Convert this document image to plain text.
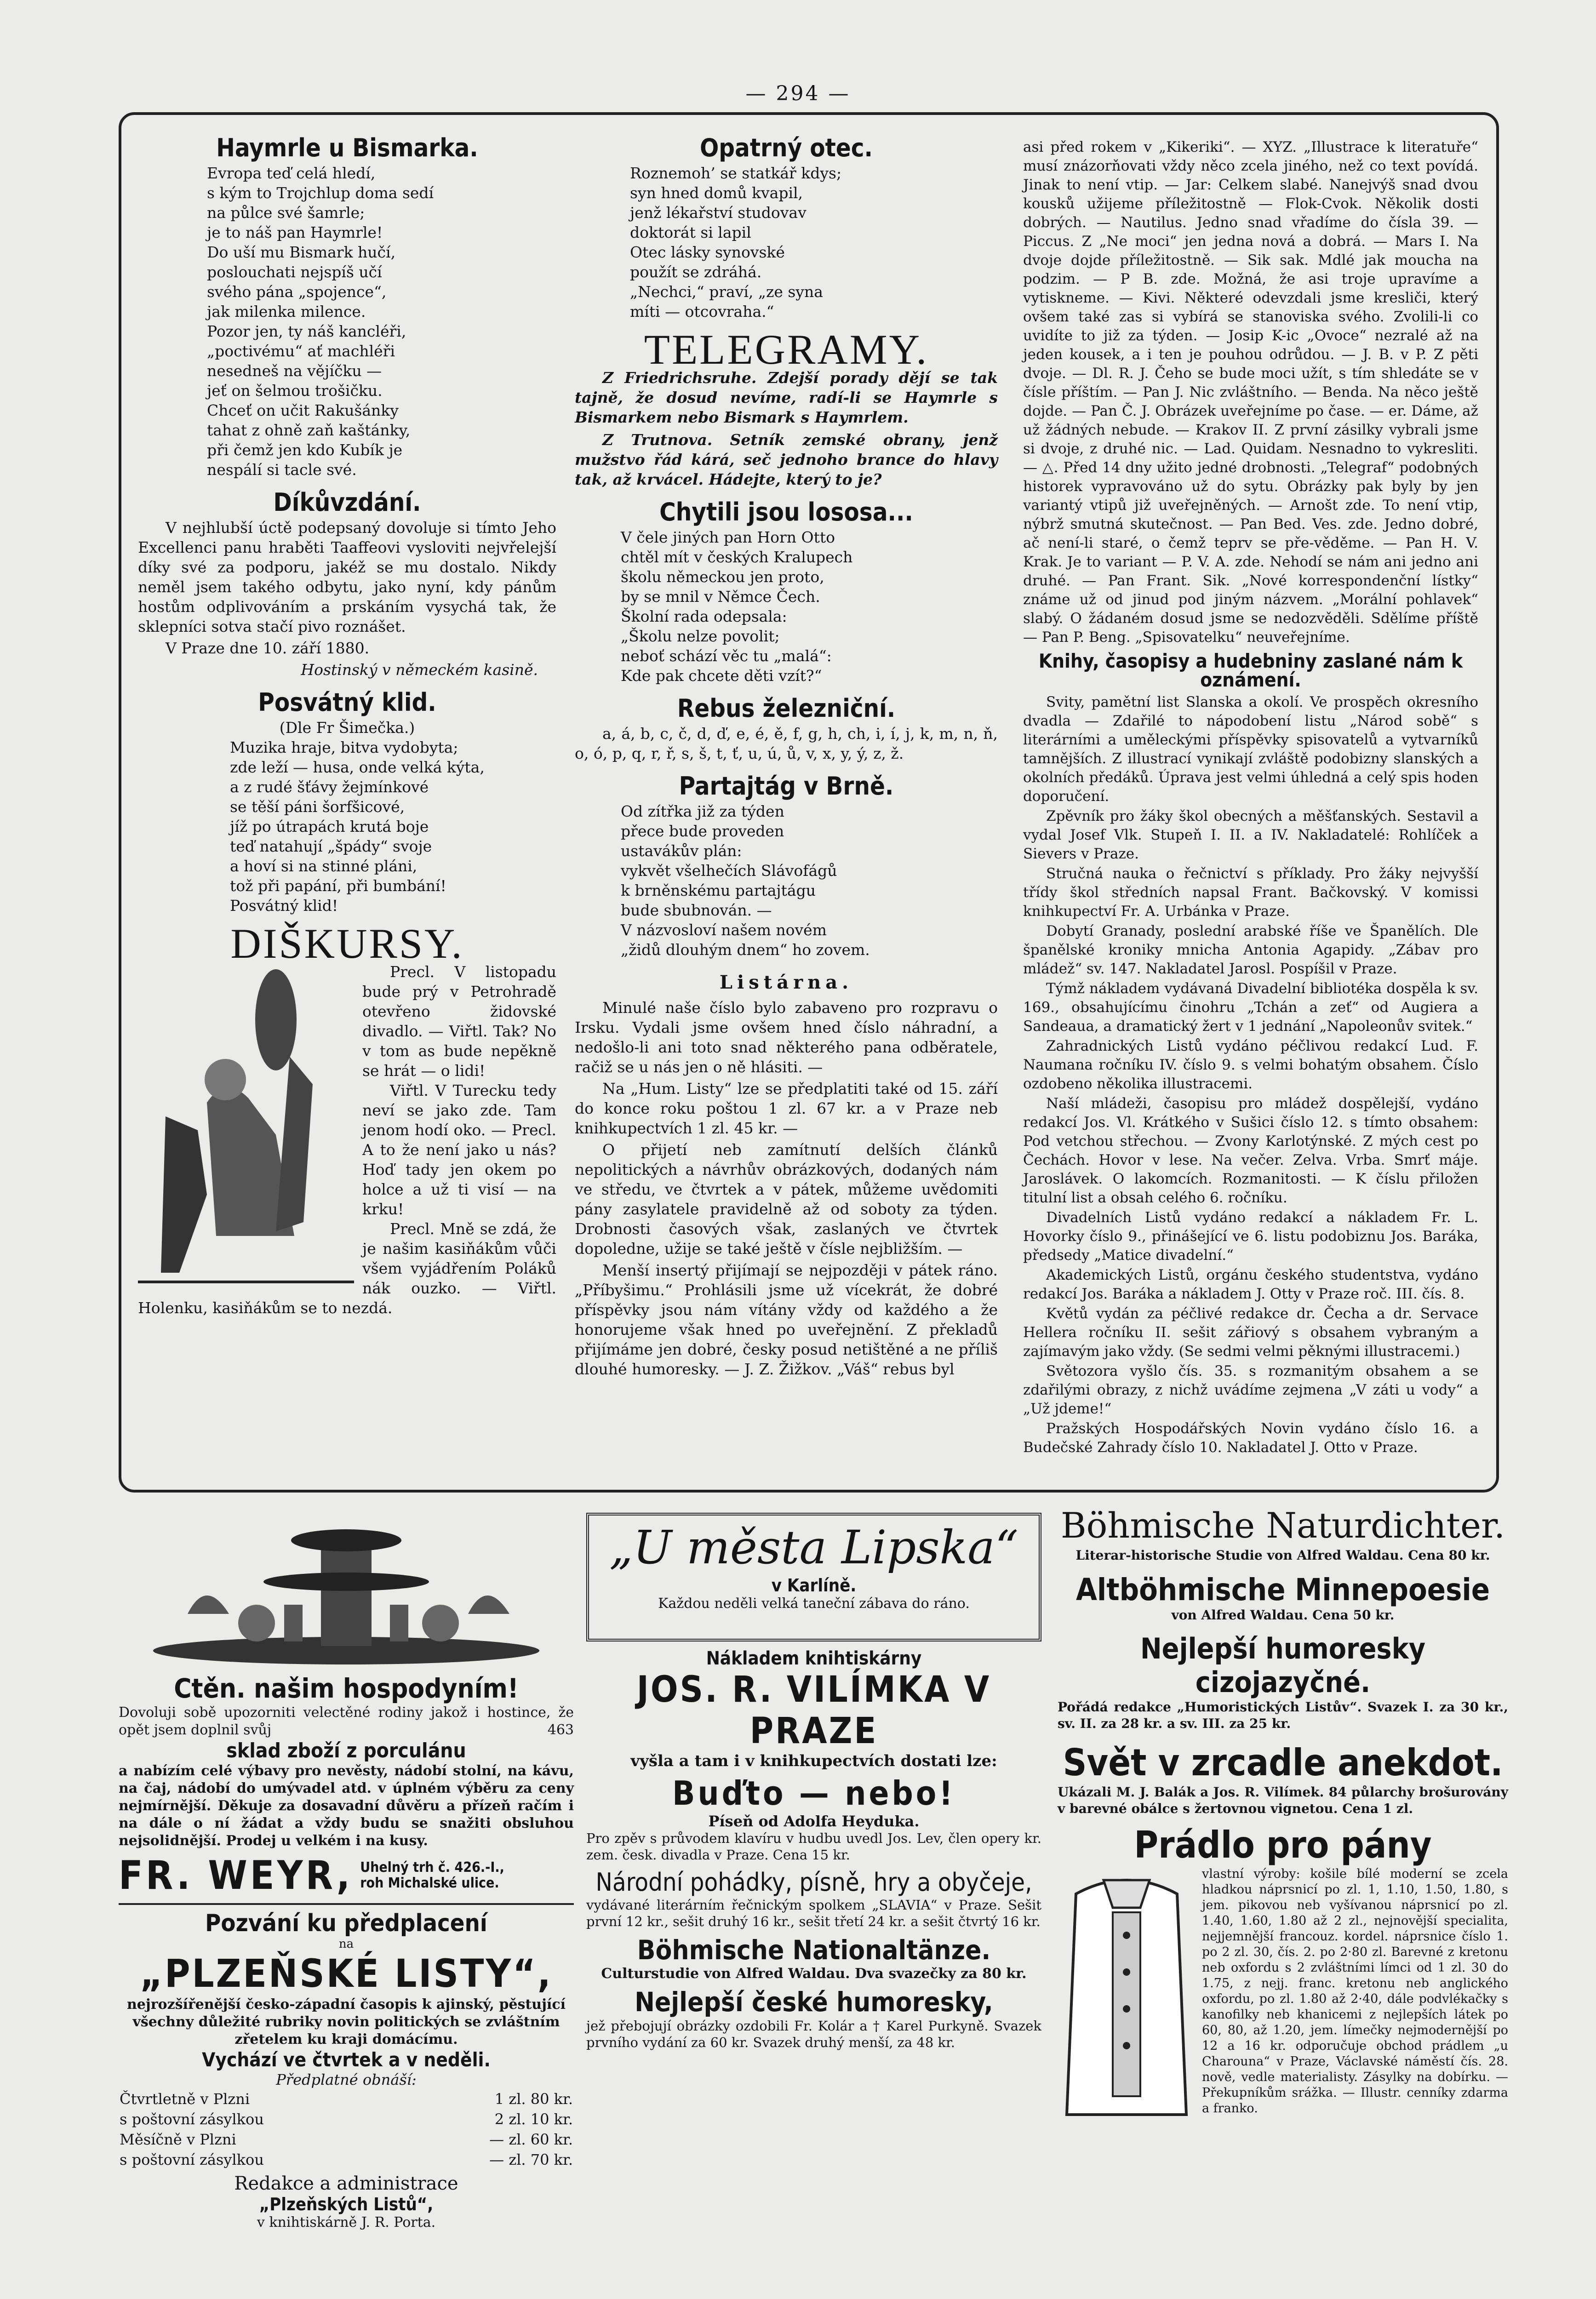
— 294 —
Haymrle u Bismarka.
Evropa teď celá hledí,
s kým to Trojchlup doma sedí
na půlce své šamrle;
je to náš pan Haymrle!
Do uší mu Bismark hučí,
poslouchati nejspíš učí
svého pána „spojence“,
jak milenka milence.
Pozor jen, ty náš kancléři,
„poctivému“ ať machléři
nesedneš na vějíčku —
jeť on šelmou trošičku.
Chceť on učit Rakušánky
tahat z ohně zaň kaštánky,
při čemž jen kdo Kubík je
nespálí si tacle své.
Díkůvzdání.

V nejhlubší úctě podepsaný dovoluje si tímto Jeho Excellenci panu hraběti Taaffeovi vysloviti nejvřelejší díky své za podporu, jakéž se mu dostalo. Nikdy neměl jsem takého odbytu, jako nyní, kdy pánům hostům odplivováním a prskáním vysychá tak, že sklepníci sotva stačí pivo roznášet.

V Praze dne 10. září 1880.

Hostinský v německém kasině.
Posvátný klid.
(Dle Fr Šimečka.)
Muzika hraje, bitva vydobyta;
zde leží — husa, onde velká kýta,
a z rudé šťávy žejmínkové
se těší páni šorfšicové,
jíž po útrapách krutá boje
teď natahují „špády“ svoje
a hoví si na stinné pláni,
tož při papání, při bumbání!
Posvátný klid!
DIŠKURSY.

Precl. V listopadu bude prý v Petrohradě otevřeno židovské divadlo. — Viřtl. Tak? No v tom as bude nepěkně se hrát — o lidi!

Viřtl. V Turecku tedy neví se jako zde. Tam jenom hodí oko. — Precl. A to že není jako u nás? Hoď tady jen okem po holce a už ti visí — na krku!

Precl. Mně se zdá, že je našim kasiňákům vůči všem vyjádřením Poláků nák ouzko. — Viřtl. Holenku, kasiňákům se to nezdá.

Opatrný otec.
Roznemoh’ se statkář kdys;
syn hned domů kvapil,
jenž lékařství studovav
doktorát si lapil
Otec lásky synovské
použít se zdráhá.
„Nechci,“ praví, „ze syna
míti — otcovraha.“
TELEGRAMY.

Z Friedrichsruhe. Zdejší porady dějí se tak tajně, že dosud nevíme, radí-li se Haymrle s Bismarkem nebo Bismark s Haymrlem.

Z Trutnova. Setník zemské obrany, jenž mužstvo řád kárá, seč jednoho brance do hlavy tak, až krvácel. Hádejte, který to je?

Chytili jsou lososa...
V čele jiných pan Horn Otto
chtěl mít v českých Kralupech
školu německou jen proto,
by se mnil v Němce Čech.
Školní rada odepsala:
„Školu nelze povolit;
neboť schází věc tu „malá“:
Kde pak chcete děti vzít?“
Rebus železniční.

a, á, b, c, č, d, ď, e, é, ě, f, g, h, ch, i, í, j, k, m, n, ň, o, ó, p, q, r, ř, s, š, t, ť, u, ú, ů, v, x, y, ý, z, ž.

Partajtág v Brně.
Od zítřka již za týden
přece bude proveden
ustavákův plán:
vykvět všelhečích Slávofágů
k brněnskému partajtágu
bude sbubnován. —
V názvosloví našem novém
„židů dlouhým dnem“ ho zovem.
Listárna.

Minulé naše číslo bylo zabaveno pro rozpravu o Irsku. Vydali jsme ovšem hned číslo náhradní, a nedošlo-li ani toto snad některého pana odběratele, račiž se u nás jen o ně hlásiti. —

Na „Hum. Listy“ lze se předplatiti také od 15. září do konce roku poštou 1 zl. 67 kr. a v Praze neb knihkupectvích 1 zl. 45 kr. —

O přijetí neb zamítnutí delších článků nepolitických a návrhův obrázkových, dodaných nám ve středu, ve čtvrtek a v pátek, můžeme uvědomiti pány zasylatele pravidelně až od soboty za týden. Drobnosti časových však, zaslaných ve čtvrtek dopoledne, užije se také ještě v čísle nejbližším. —

Menší insertý přijímají se nejpozději v pátek ráno. „Příbyšimu.“ Prohlásili jsme už vícekrát, že dobré příspěvky jsou nám vítány vždy od každého a že honorujeme však hned po uveřejnění. Z překladů přijímáme jen dobré, česky posud netištěné a ne příliš dlouhé humoresky. — J. Z. Žižkov. „Váš“ rebus byl

asi před rokem v „Kikeriki“. — XYZ. „Illustrace k literatuře“ musí znázorňovati vždy něco zcela jiného, než co text povídá. Jinak to není vtip. — Jar: Celkem slabé. Nanejvýš snad dvou kousků užijeme příležitostně — Flok-Cvok. Několik dosti dobrých. — Nautilus. Jedno snad vřadíme do čísla 39. — Piccus. Z „Ne moci“ jen jedna nová a dobrá. — Mars I. Na dvoje dojde příležitostně. — Sik sak. Mdlé jak moucha na podzim. — P B. zde. Možná, že asi troje upravíme a vytiskneme. — Kivi. Některé odevzdali jsme kresliči, který ovšem také zas si vybírá se stanoviska svého. Zvolili-li co uvidíte to již za týden. — Josip K-ic „Ovoce“ nezralé až na jeden kousek, a i ten je pouhou odrůdou. — J. B. v P. Z pěti dvoje. — Dl. R. J. Čeho se bude moci užít, s tím shledáte se v čísle příštím. — Pan J. Nic zvláštního. — Benda. Na něco ještě dojde. — Pan Č. J. Obrázek uveřejníme po čase. — er. Dáme, až už žádných nebude. — Krakov II. Z první zásilky vybrali jsme si dvoje, z druhé nic. — Lad. Quidam. Nesnadno to vykresliti. — △. Před 14 dny užito jedné drobnosti. „Telegraf“ podobných historek vypravováno už do sytu. Obrázky pak byly by jen variantý vtipů již uveřejněných. — Arnošt zde. To není vtip, nýbrž smutná skutečnost. — Pan Bed. Ves. zde. Jedno dobré, ač není-li staré, o čemž teprv se pře-věděme. — Pan H. V. Krak. Je to variant — P. V. A. zde. Nehodí se nám ani jedno ani druhé. — Pan Frant. Sik. „Nové korrespondenční lístky“ známe už od jinud pod jiným názvem. „Morální pohlavek“ slabý. O žádaném dosud jsme se nedozvěděli. Sdělíme příště — Pan P. Beng. „Spisovatelku“ neuveřejníme.

Knihy, časopisy a hudebniny zaslané nám k oznámení.

Svity, pamětní list Slanska a okolí. Ve prospěch okresního dvadla — Zdařilé to nápodobení listu „Národ sobě“ s literárními a uměleckými příspěvky spisovatelů a vytvarníků tamnějších. Z illustrací vynikají zvláště podobizny slanských a okolních předáků. Úprava jest velmi úhledná a celý spis hoden doporučení.

Zpěvník pro žáky škol obecných a měšťanských. Sestavil a vydal Josef Vlk. Stupeň I. II. a IV. Nakladatelé: Rohlíček a Sievers v Praze.

Stručná nauka o řečnictví s příklady. Pro žáky nejvyšší třídy škol středních napsal Frant. Bačkovský. V komissi knihkupectví Fr. A. Urbánka v Praze.

Dobytí Granady, poslední arabské říše ve Španělích. Dle španělské kroniky mnicha Antonia Agapidy. „Zábav pro mládež“ sv. 147. Nakladatel Jarosl. Pospíšil v Praze.

Týmž nákladem vydávaná Divadelní bibliotéka dospěla k sv. 169., obsahujícímu činohru „Tchán a zeť“ od Augiera a Sandeaua, a dramatický žert v 1 jednání „Napoleonův svitek.“

Zahradnických Listů vydáno péčlivou redakcí Lud. F. Naumana ročníku IV. číslo 9. s velmi bohatým obsahem. Číslo ozdobeno několika illustracemi.

Naší mládeži, časopisu pro mládež dospělejší, vydáno redakcí Jos. Vl. Krátkého v Sušici číslo 12. s tímto obsahem: Pod vetchou střechou. — Zvony Karlotýnské. Z mých cest po Čechách. Hovor v lese. Na večer. Zelva. Vrba. Smrť máje. Jaroslávek. O lakomcích. Rozmanitosti. — K číslu přiložen titulní list a obsah celého 6. ročníku.

Divadelních Listů vydáno redakcí a nákladem Fr. L. Hovorky číslo 9., přinášející ve 6. listu podobiznu Jos. Baráka, předsedy „Matice divadelní.“

Akademických Listů, orgánu českého studentstva, vydáno redakcí Jos. Baráka a nákladem J. Otty v Praze roč. III. čís. 8.

Květů vydán za péčlivé redakce dr. Čecha a dr. Servace Hellera ročníku II. sešit zářiový s obsahem vybraným a zajímavým jako vždy. (Se sedmi velmi pěknými illustracemi.)

Světozora vyšlo čís. 35. s rozmanitým obsahem a se zdařilými obrazy, z nichž uvádíme zejmena „V záti u vody“ a „Už jdeme!“

Pražských Hospodářských Novin vydáno číslo 16. a Budečské Zahrady číslo 10. Nakladatel J. Otto v Praze.

Ctěn. našim hospodyním!
Dovoluji sobě upozorniti velectěné rodiny jakož i hostince, že opět jsem doplnil svůj	463
sklad zboží z porculánu
a nabízím celé výbavy pro nevěsty, nádobí stolní, na kávu, na čaj, nádobí do umývadel atd. v úplném výběru za ceny nejmírnější. Děkuje za dosavadní důvěru a přízeň račím i na dále o ní žádat a vždy budu se snažiti obsluhou nejsolidnější. Prodej u velkém i na kusy.
FR. WEYR, Uhelný trh č. 426.-I., roh Michalské ulice.
Pozvání ku předplacení
na
„PLZEŇSKÉ LISTY“,
nejrozšířenější česko-západní časopis k ajinský, pěstující všechny důležité rubriky novin politických se zvláštním zřetelem ku kraji domácímu.
Vychází ve čtvrtek a v neděli.
Předplatné obnáší:
Čtvrtletně v Plzni	1 zl. 80 kr.
s poštovní zásylkou	2 zl. 10 kr.
Měsíčně v Plzni	— zl. 60 kr.
s poštovní zásylkou	— zl. 70 kr.
Redakce a administrace
„Plzeňských Listů“,
v knihtiskárně J. R. Porta.
„U města Lipska“
v Karlíně.
Každou neděli velká taneční zábava do ráno.
Nákladem knihtiskárny
JOS. R. VILÍMKA V PRAZE
vyšla a tam i v knihkupectvích dostati lze:
Buďto — nebo!
Píseň od Adolfa Heyduka.
Pro zpěv s průvodem klavíru v hudbu uvedl Jos. Lev, člen opery kr. zem. česk. divadla v Praze. Cena 15 kr.
Národní pohádky, písně, hry a obyčeje,
vydávané literárním řečnickým spolkem „SLAVIA“ v Praze. Sešit první 12 kr., sešit druhý 16 kr., sešit třetí 24 kr. a sešit čtvrtý 16 kr.
Böhmische Nationaltänze.
Culturstudie von Alfred Waldau. Dva svazečky za 80 kr.
Nejlepší české humoresky,
jež přebojují obrázky ozdobili Fr. Kolár a † Karel Purkyně. Svazek prvního vydání za 60 kr. Svazek druhý menší, za 48 kr.
Böhmische Naturdichter.
Literar-historische Studie von Alfred Waldau. Cena 80 kr.
Altböhmische Minnepoesie
von Alfred Waldau. Cena 50 kr.
Nejlepší humoresky cizojazyčné.
Pořádá redakce „Humoristických Listův“. Svazek I. za 30 kr., sv. II. za 28 kr. a sv. III. za 25 kr.
Svět v zrcadle anekdot.
Ukázali M. J. Balák a Jos. R. Vilímek. 84 půlarchy brošurovány v barevné obálce s žertovnou vignetou. Cena 1 zl.
Prádlo pro pány
vlastní výroby: košile bílé moderní se zcela hladkou náprsnicí po zl. 1, 1.10, 1.50, 1.80, s jem. pikovou neb vyšívanou náprsnicí po zl. 1.40, 1.60, 1.80 až 2 zl., nejnovější specialita, nejjemnější francouz. kordel. náprsnice číslo 1. po 2 zl. 30, čís. 2. po 2·80 zl. Barevné z kretonu neb oxfordu s 2 zvláštními límci od 1 zl. 30 do 1.75, z nejj. franc. kretonu neb anglického oxfordu, po zl. 1.80 až 2·40, dále podvlékačky s kanofilky neb khanicemi z nejlepších látek po 60, 80, až 1.20, jem. límečky nejmodernější po 12 a 16 kr. odporučuje obchod prádlem „u Charouna“ v Praze, Václavské náměstí čís. 28. nově, vedle materialisty. Zásylky na dobírku. — Překupníkům srážka. — Illustr. cenníky zdarma a franko.
